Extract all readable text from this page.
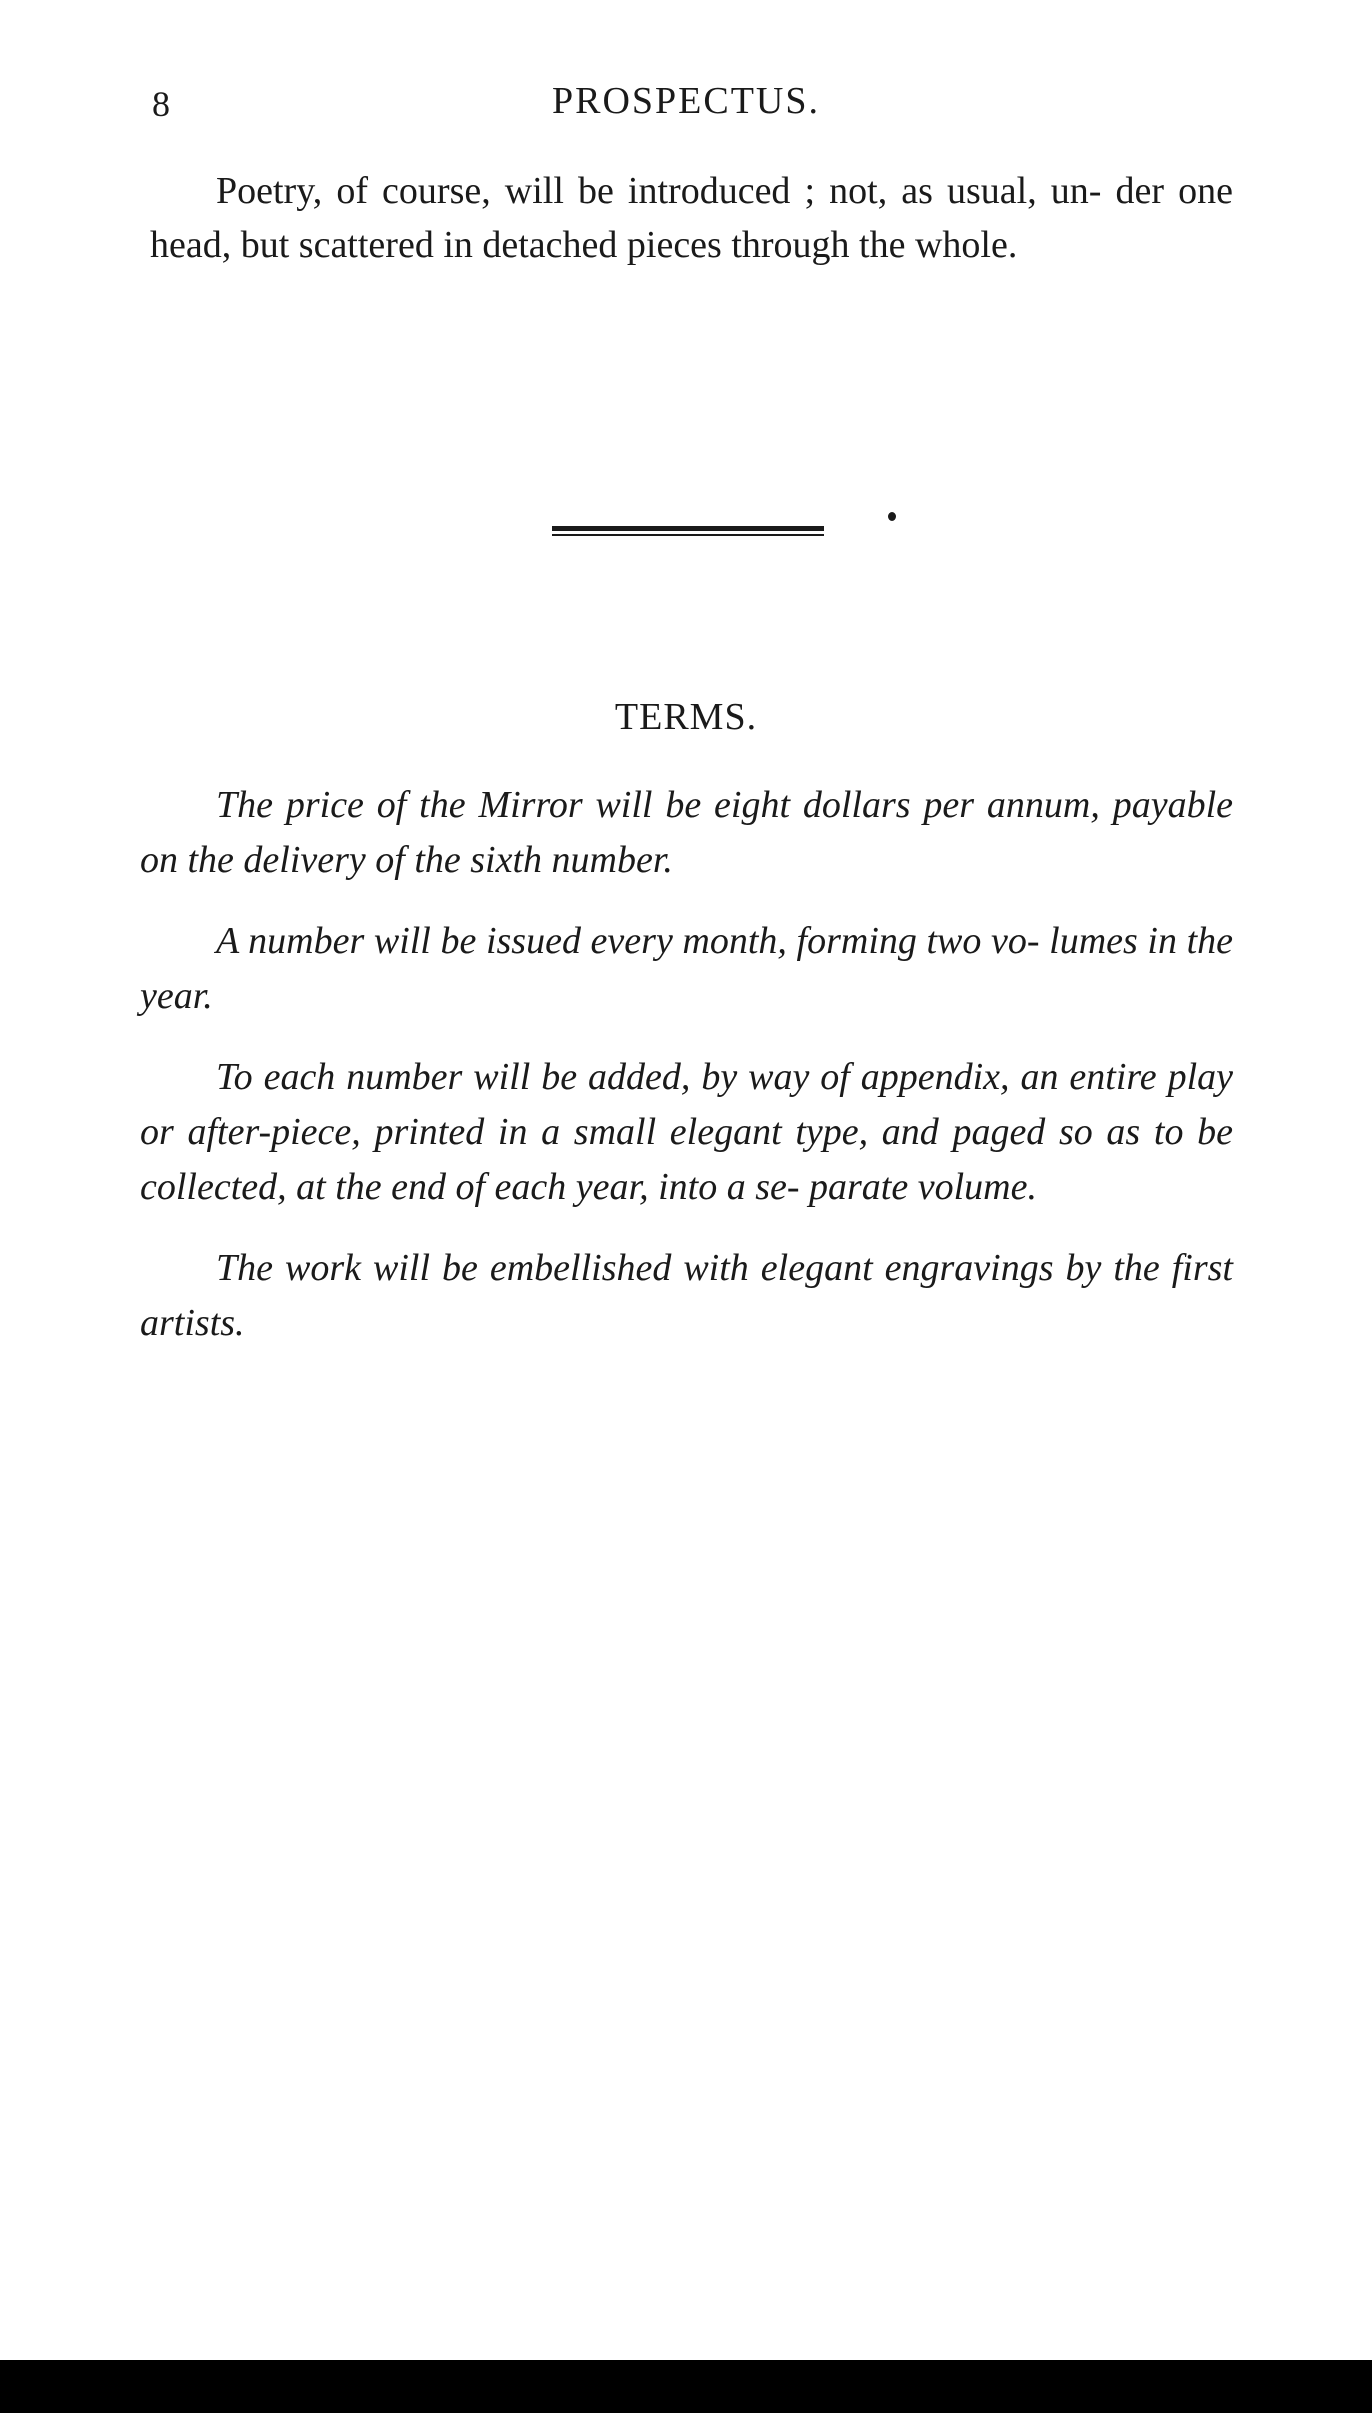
8	PROSPECTUS.

Poetry, of course, will be introduced ; not, as usual, un- der one head, but scattered in detached pieces through the whole.

TERMS.

The price of the Mirror will be eight dollars per annum, payable on the delivery of the sixth number.

A number will be issued every month, forming two vo- lumes in the year.

To each number will be added, by way of appendix, an entire play or after-piece, printed in a small elegant type, and paged so as to be collected, at the end of each year, into a se- parate volume.

The work will be embellished with elegant engravings by the first artists.
